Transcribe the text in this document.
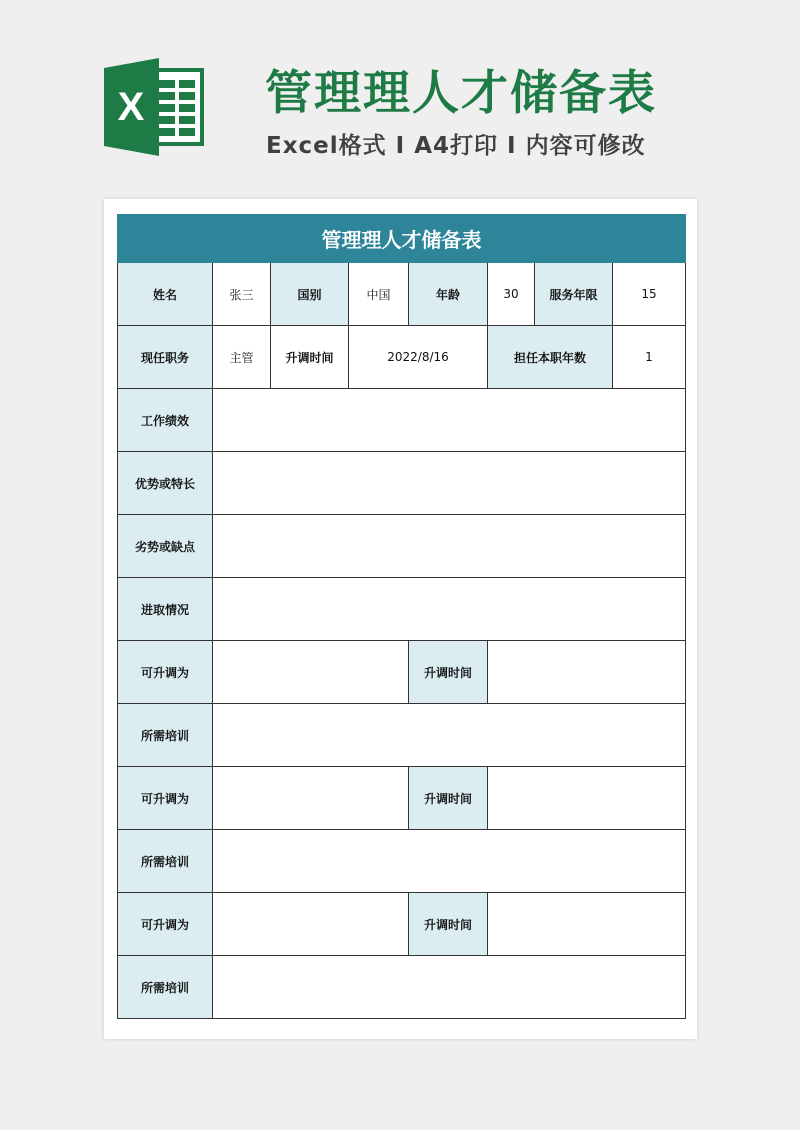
X	管理理人才储备表
Excel格式 I A4打印 I 内容可修改
管理理人才储备表							
姓名	张三	国别	中国	年龄	30	服务年限	15
现任职务	主管	升调时间	2022/8/16		担任本职年数		1
工作绩效							
优势或特长							
劣势或缺点							
进取情况							
可升调为				升调时间			
所需培训							
可升调为				升调时间			
所需培训							
可升调为				升调时间			
所需培训							
